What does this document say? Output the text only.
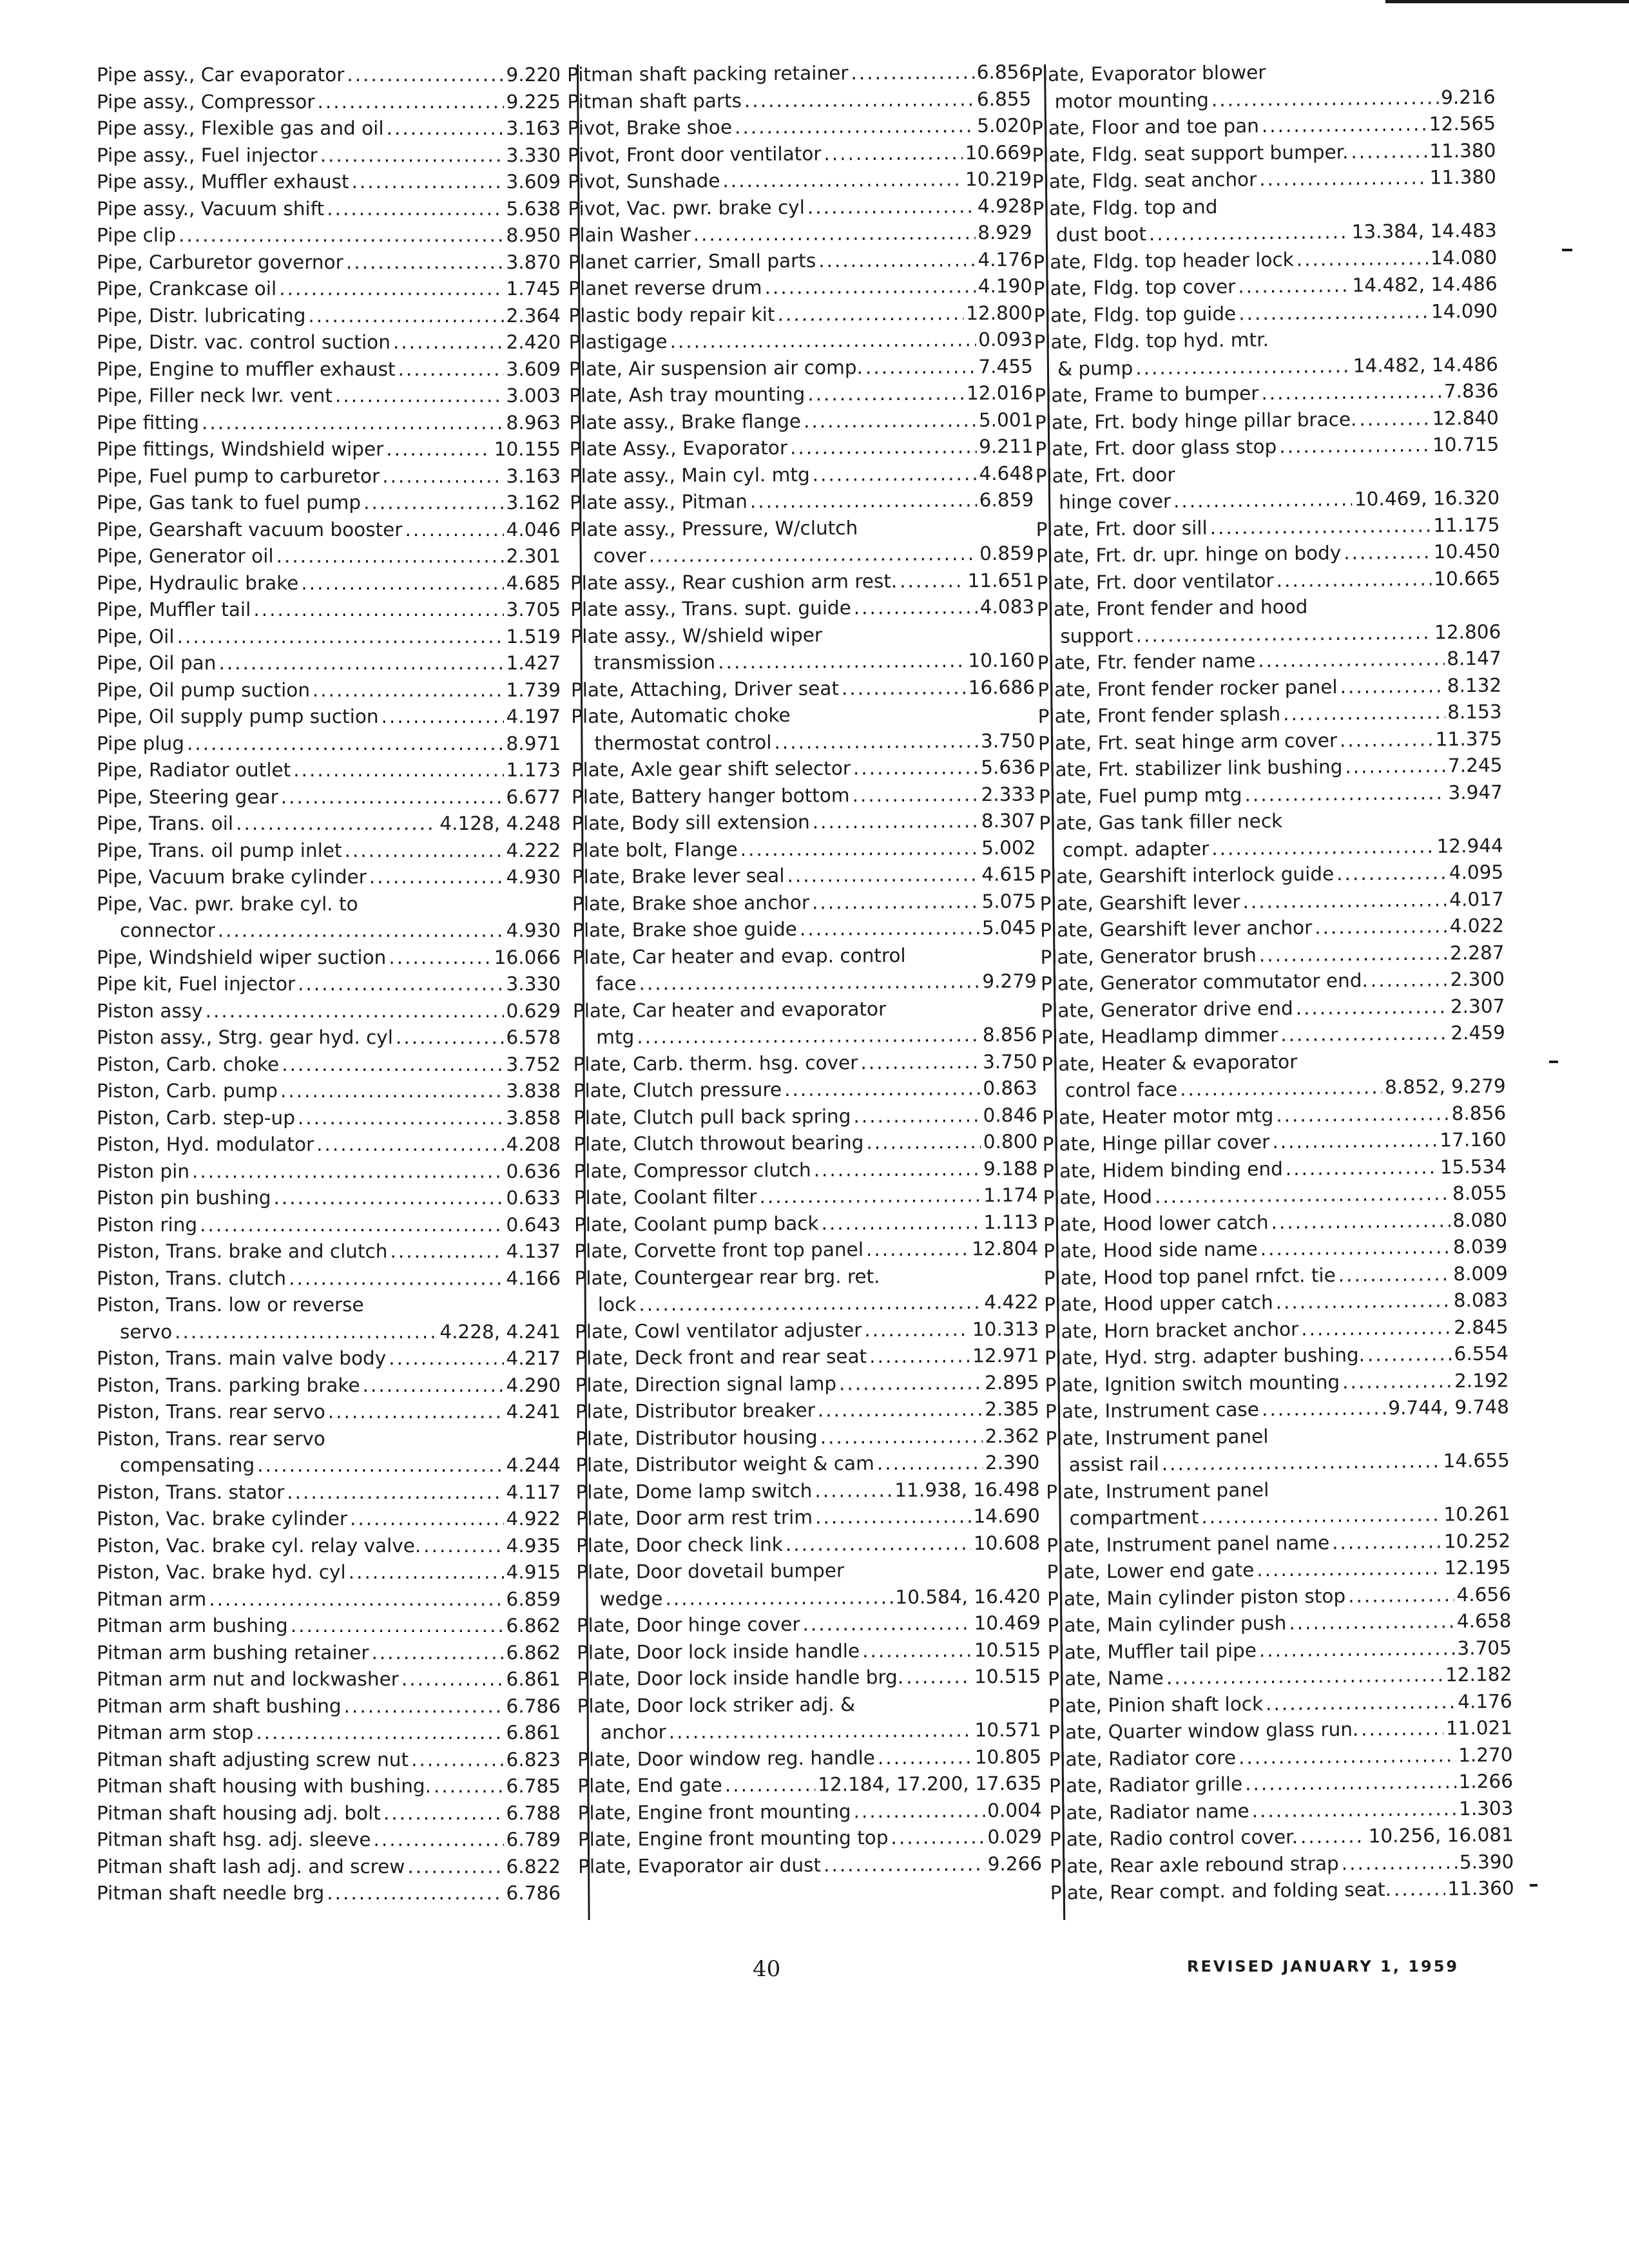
Pipe assy., Car evaporator .....	9.220
Pipe assy., Compressor .....	9.225
Pipe assy., Flexible gas and oil .....	3.163
Pipe assy., Fuel injector .....	3.330
Pipe assy., Muffler exhaust .....	3.609
Pipe assy., Vacuum shift .....	5.638
Pipe clip .....	8.950
Pipe, Carburetor governor .....	3.870
Pipe, Crankcase oil .....	1.745
Pipe, Distr. lubricating .....	2.364
Pipe, Distr. vac. control suction .....	2.420
Pipe, Engine to muffler exhaust .....	3.609
Pipe, Filler neck lwr. vent .....	3.003
Pipe fitting .....	8.963
Pipe fittings, Windshield wiper .....	10.155
Pipe, Fuel pump to carburetor .....	3.163
Pipe, Gas tank to fuel pump .....	3.162
Pipe, Gearshaft vacuum booster .....	4.046
Pipe, Generator oil .....	2.301
Pipe, Hydraulic brake .....	4.685
Pipe, Muffler tail .....	3.705
Pipe, Oil .....	1.519
Pipe, Oil pan .....	1.427
Pipe, Oil pump suction .....	1.739
Pipe, Oil supply pump suction .....	4.197
Pipe plug .....	8.971
Pipe, Radiator outlet .....	1.173
Pipe, Steering gear .....	6.677
Pipe, Trans. oil .....	4.128, 4.248
Pipe, Trans. oil pump inlet .....	4.222
Pipe, Vacuum brake cylinder .....	4.930
Pipe, Vac. pwr. brake cyl. to
connector .....	4.930
Pipe, Windshield wiper suction .....	16.066
Pipe kit, Fuel injector .....	3.330
Piston assy .....	0.629
Piston assy., Strg. gear hyd. cyl .....	6.578
Piston, Carb. choke .....	3.752
Piston, Carb. pump .....	3.838
Piston, Carb. step-up .....	3.858
Piston, Hyd. modulator .....	4.208
Piston pin .....	0.636
Piston pin bushing .....	0.633
Piston ring .....	0.643
Piston, Trans. brake and clutch .....	4.137
Piston, Trans. clutch .....	4.166
Piston, Trans. low or reverse
servo .....	4.228, 4.241
Piston, Trans. main valve body .....	4.217
Piston, Trans. parking brake .....	4.290
Piston, Trans. rear servo .....	4.241
Piston, Trans. rear servo
compensating .....	4.244
Piston, Trans. stator .....	4.117
Piston, Vac. brake cylinder .....	4.922
Piston, Vac. brake cyl. relay valve. .....	4.935
Piston, Vac. brake hyd. cyl .....	4.915
Pitman arm .....	6.859
Pitman arm bushing .....	6.862
Pitman arm bushing retainer .....	6.862
Pitman arm nut and lockwasher .....	6.861
Pitman arm shaft bushing .....	6.786
Pitman arm stop .....	6.861
Pitman shaft adjusting screw nut .....	6.823
Pitman shaft housing with bushing. .....	6.785
Pitman shaft housing adj. bolt .....	6.788
Pitman shaft hsg. adj. sleeve .....	6.789
Pitman shaft lash adj. and screw .....	6.822
Pitman shaft needle brg .....	6.786
Pitman shaft packing retainer .....	6.856
Pitman shaft parts .....	6.855
Pivot, Brake shoe .....	5.020
Pivot, Front door ventilator .....	10.669
Pivot, Sunshade .....	10.219
Pivot, Vac. pwr. brake cyl .....	4.928
Plain Washer .....	8.929
Planet carrier, Small parts .....	4.176
Planet reverse drum .....	4.190
Plastic body repair kit .....	12.800
Plastigage .....	0.093
Plate, Air suspension air comp. .....	7.455
Plate, Ash tray mounting .....	12.016
Plate assy., Brake flange .....	5.001
Plate Assy., Evaporator .....	9.211
Plate assy., Main cyl. mtg .....	4.648
Plate assy., Pitman .....	6.859
Plate assy., Pressure, W/clutch
cover .....	0.859
Plate assy., Rear cushion arm rest. .....	11.651
Plate assy., Trans. supt. guide .....	4.083
Plate assy., W/shield wiper
transmission .....	10.160
Plate, Attaching, Driver seat .....	16.686
Plate, Automatic choke
thermostat control .....	3.750
Plate, Axle gear shift selector .....	5.636
Plate, Battery hanger bottom .....	2.333
Plate, Body sill extension .....	8.307
Plate bolt, Flange .....	5.002
Plate, Brake lever seal .....	4.615
Plate, Brake shoe anchor .....	5.075
Plate, Brake shoe guide .....	5.045
Plate, Car heater and evap. control
face .....	9.279
Plate, Car heater and evaporator
mtg .....	8.856
Plate, Carb. therm. hsg. cover .....	3.750
Plate, Clutch pressure .....	0.863
Plate, Clutch pull back spring .....	0.846
Plate, Clutch throwout bearing .....	0.800
Plate, Compressor clutch .....	9.188
Plate, Coolant filter .....	1.174
Plate, Coolant pump back .....	1.113
Plate, Corvette front top panel .....	12.804
Plate, Countergear rear brg. ret.
lock .....	4.422
Plate, Cowl ventilator adjuster .....	10.313
Plate, Deck front and rear seat .....	12.971
Plate, Direction signal lamp .....	2.895
Plate, Distributor breaker .....	2.385
Plate, Distributor housing .....	2.362
Plate, Distributor weight & cam .....	2.390
Plate, Dome lamp switch .....	11.938, 16.498
Plate, Door arm rest trim .....	14.690
Plate, Door check link .....	10.608
Plate, Door dovetail bumper
wedge .....	10.584, 16.420
Plate, Door hinge cover .....	10.469
Plate, Door lock inside handle .....	10.515
Plate, Door lock inside handle brg. .....	10.515
Plate, Door lock striker adj. &
anchor .....	10.571
Plate, Door window reg. handle .....	10.805
Plate, End gate .....	12.184, 17.200, 17.635
Plate, Engine front mounting .....	0.004
Plate, Engine front mounting top .....	0.029
Plate, Evaporator air dust .....	9.266
Plate, Evaporator blower
motor mounting .....	9.216
Plate, Floor and toe pan .....	12.565
Plate, Fldg. seat support bumper. .....	11.380
Plate, Fldg. seat anchor .....	11.380
Plate, Fldg. top and
dust boot .....	13.384, 14.483
Plate, Fldg. top header lock .....	14.080
Plate, Fldg. top cover .....	14.482, 14.486
Plate, Fldg. top guide .....	14.090
Plate, Fldg. top hyd. mtr.
& pump .....	14.482, 14.486
Plate, Frame to bumper .....	7.836
Plate, Frt. body hinge pillar brace. .....	12.840
Plate, Frt. door glass stop .....	10.715
Plate, Frt. door
hinge cover .....	10.469, 16.320
Plate, Frt. door sill .....	11.175
Plate, Frt. dr. upr. hinge on body .....	10.450
Plate, Frt. door ventilator .....	10.665
Plate, Front fender and hood
support .....	12.806
Plate, Ftr. fender name .....	8.147
Plate, Front fender rocker panel .....	8.132
Plate, Front fender splash .....	8.153
Plate, Frt. seat hinge arm cover .....	11.375
Plate, Frt. stabilizer link bushing .....	7.245
Plate, Fuel pump mtg .....	3.947
Plate, Gas tank filler neck
compt. adapter .....	12.944
Plate, Gearshift interlock guide .....	4.095
Plate, Gearshift lever .....	4.017
Plate, Gearshift lever anchor .....	4.022
Plate, Generator brush .....	2.287
Plate, Generator commutator end. .....	2.300
Plate, Generator drive end .....	2.307
Plate, Headlamp dimmer .....	2.459
Plate, Heater & evaporator
control face .....	8.852, 9.279
Plate, Heater motor mtg .....	8.856
Plate, Hinge pillar cover .....	17.160
Plate, Hidem binding end .....	15.534
Plate, Hood .....	8.055
Plate, Hood lower catch .....	8.080
Plate, Hood side name .....	8.039
Plate, Hood top panel rnfct. tie .....	8.009
Plate, Hood upper catch .....	8.083
Plate, Horn bracket anchor .....	2.845
Plate, Hyd. strg. adapter bushing. .....	6.554
Plate, Ignition switch mounting .....	2.192
Plate, Instrument case .....	9.744, 9.748
Plate, Instrument panel
assist rail .....	14.655
Plate, Instrument panel
compartment .....	10.261
Plate, Instrument panel name .....	10.252
Plate, Lower end gate .....	12.195
Plate, Main cylinder piston stop .....	4.656
Plate, Main cylinder push .....	4.658
Plate, Muffler tail pipe .....	3.705
Plate, Name .....	12.182
Plate, Pinion shaft lock .....	4.176
Plate, Quarter window glass run. .....	11.021
Plate, Radiator core .....	1.270
Plate, Radiator grille .....	1.266
Plate, Radiator name .....	1.303
Plate, Radio control cover. .....	10.256, 16.081
Plate, Rear axle rebound strap .....	5.390
Plate, Rear compt. and folding seat. .....	11.360
40	REVISED JANUARY 1, 1959
